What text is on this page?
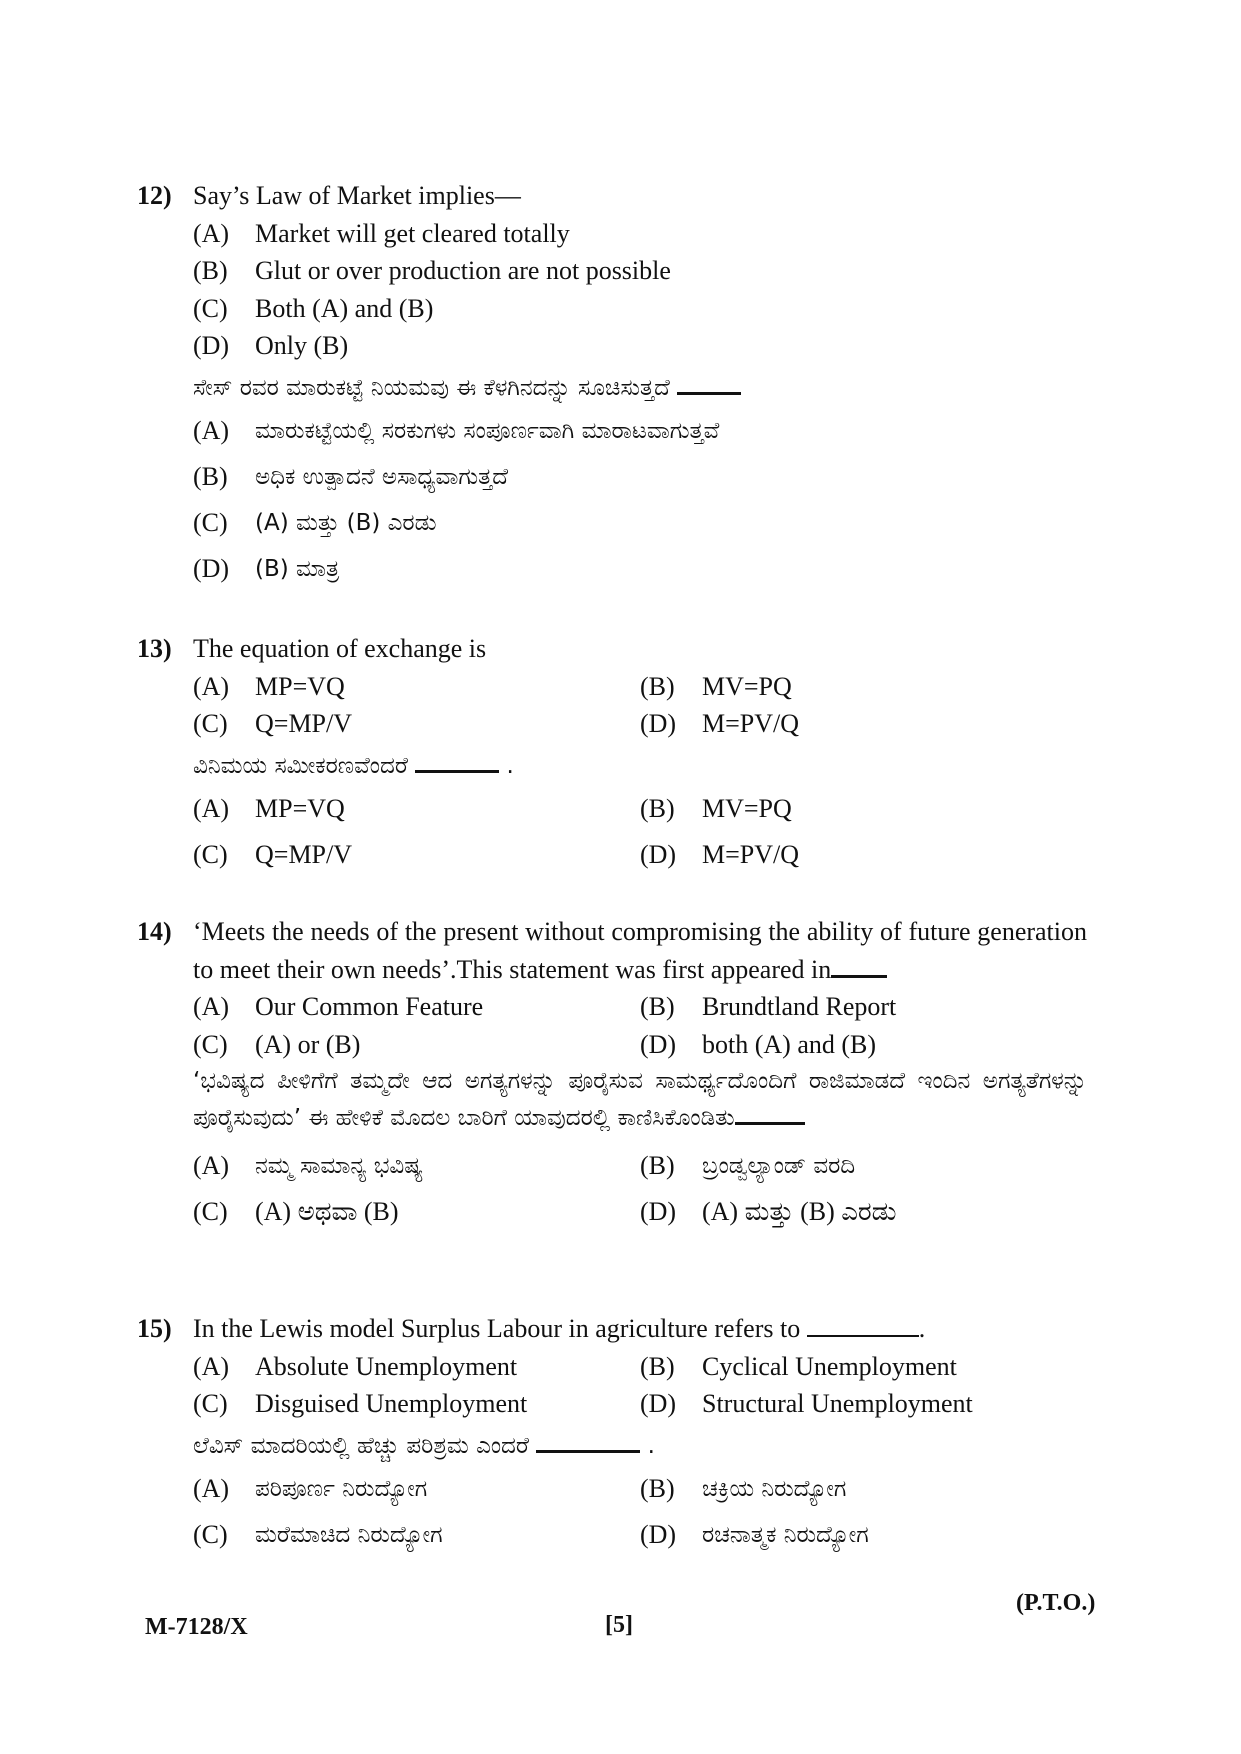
12) Say’s Law of Market implies—
(A) Market will get cleared totally
(B)	Glut or over production are not possible
(C)	Both (A) and (B)
(D) Only (B)
ಸೇಸ್ ರವರ ಮಾರುಕಟ್ಟೆ ನಿಯಮವು ಈ ಕೆಳಗಿನದನ್ನು ಸೂಚಿಸುತ್ತದೆ
(A)	ಮಾರುಕಟ್ಟೆಯಲ್ಲಿ ಸರಕುಗಳು ಸಂಪೂರ್ಣವಾಗಿ ಮಾರಾಟವಾಗುತ್ತವೆ
(B)	ಅಧಿಕ ಉತ್ಪಾದನೆ ಅಸಾಧ್ಯವಾಗುತ್ತದೆ
(C)	(A) ಮತ್ತು (B) ಎರಡು
(D)	(B) ಮಾತ್ರ
13) The equation of exchange is
(A) MP=VQ	(B)	MV=PQ
(C)	Q=MP/V	(D) M=PV/Q
ವಿನಿಮಯ ಸಮೀಕರಣವೆಂದರೆ	.
(A) MP=VQ	(B)	MV=PQ
(C)	Q=MP/V	(D) M=PV/Q
14) ‘Meets the needs of the present without compromising the ability of future generation to meet their own needs’.This statement was first appeared in
(A) Our Common Feature	(B)	Brundtland Report
(C)	(A) or (B)	(D) both (A) and (B)
‘ಭವಿಷ್ಯದ ಪೀಳಿಗೆಗೆ ತಮ್ಮದೇ ಆದ ಅಗತ್ಯಗಳನ್ನು ಪೂರೈಸುವ ಸಾಮರ್ಥ್ಯದೊಂದಿಗೆ ರಾಜಿಮಾಡದೆ ಇಂದಿನ ಅಗತ್ಯತೆಗಳನ್ನು ಪೂರೈಸುವುದು’ ಈ ಹೇಳಿಕೆ ಮೊದಲ ಬಾರಿಗೆ ಯಾವುದರಲ್ಲಿ ಕಾಣಿಸಿಕೊಂಡಿತು
(A)	ನಮ್ಮ ಸಾಮಾನ್ಯ ಭವಿಷ್ಯ	(B)	ಬ್ರಂಡ್ವಲ್ಯಾಂಡ್ ವರದಿ
(C)	(A) ಅಥವಾ (B)	(D) (A) ಮತ್ತು (B) ಎರಡು
15) In the Lewis model Surplus Labour in agriculture refers to	.
(A) Absolute Unemployment	(B)	Cyclical Unemployment
(C)	Disguised Unemployment	(D) Structural Unemployment
ಲೆವಿಸ್ ಮಾದರಿಯಲ್ಲಿ ಹೆಚ್ಚು ಪರಿಶ್ರಮ ಎಂದರೆ	.
(A)	ಪರಿಪೂರ್ಣ ನಿರುದ್ಯೋಗ	(B)	ಚಕ್ರಿಯ ನಿರುದ್ಯೋಗ
(C)	ಮರೆಮಾಚಿದ ನಿರುದ್ಯೋಗ	(D)	ರಚನಾತ್ಮಕ ನಿರುದ್ಯೋಗ
M-7128/X	[5]
(P.T.O.)
